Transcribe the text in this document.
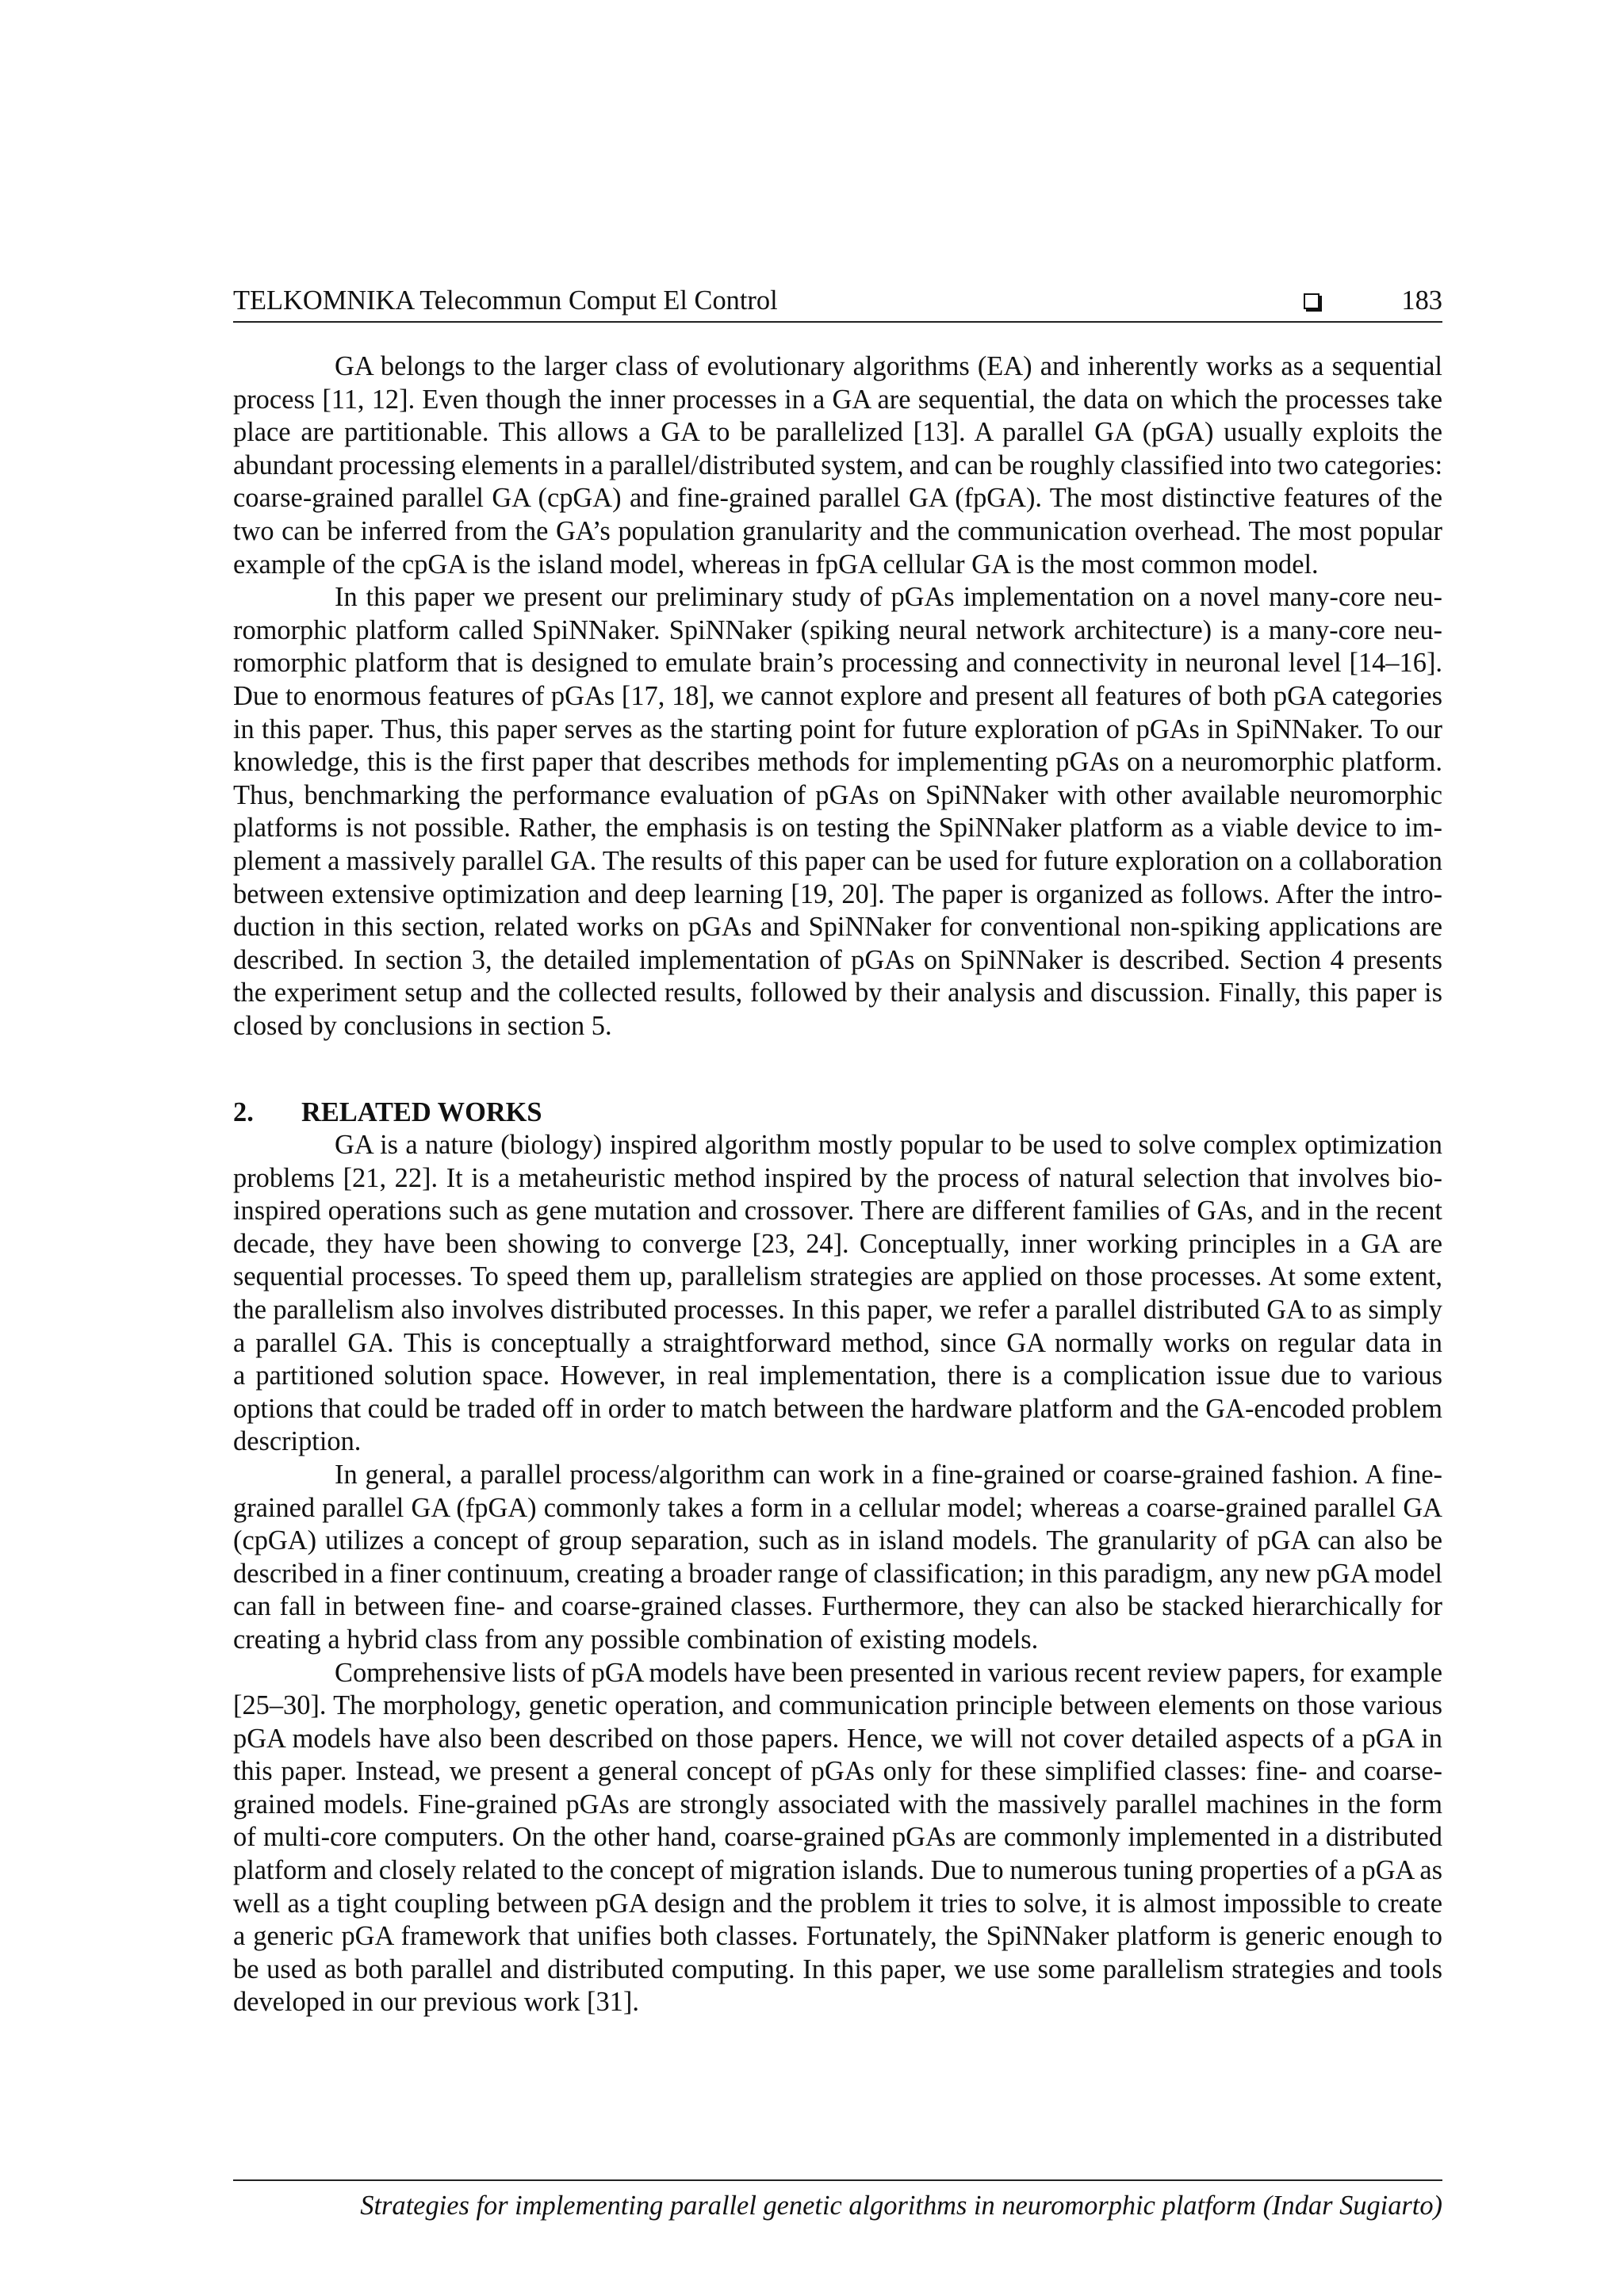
TELKOMNIKA Telecommun Comput El Control	183
GA belongs to the larger class of evolutionary algorithms (EA) and inherently works as a sequential
process [11, 12]. Even though the inner processes in a GA are sequential, the data on which the processes take
place are partitionable. This allows a GA to be parallelized [13]. A parallel GA (pGA) usually exploits the
abundant processing elements in a parallel/distributed system, and can be roughly classified into two categories:
coarse-grained parallel GA (cpGA) and fine-grained parallel GA (fpGA). The most distinctive features of the
two can be inferred from the GA’s population granularity and the communication overhead. The most popular
example of the cpGA is the island model, whereas in fpGA cellular GA is the most common model.
In this paper we present our preliminary study of pGAs implementation on a novel many-core neu-
romorphic platform called SpiNNaker. SpiNNaker (spiking neural network architecture) is a many-core neu-
romorphic platform that is designed to emulate brain’s processing and connectivity in neuronal level [14–16].
Due to enormous features of pGAs [17, 18], we cannot explore and present all features of both pGA categories
in this paper. Thus, this paper serves as the starting point for future exploration of pGAs in SpiNNaker. To our
knowledge, this is the first paper that describes methods for implementing pGAs on a neuromorphic platform.
Thus, benchmarking the performance evaluation of pGAs on SpiNNaker with other available neuromorphic
platforms is not possible. Rather, the emphasis is on testing the SpiNNaker platform as a viable device to im-
plement a massively parallel GA. The results of this paper can be used for future exploration on a collaboration
between extensive optimization and deep learning [19, 20]. The paper is organized as follows. After the intro-
duction in this section, related works on pGAs and SpiNNaker for conventional non-spiking applications are
described. In section 3, the detailed implementation of pGAs on SpiNNaker is described. Section 4 presents
the experiment setup and the collected results, followed by their analysis and discussion. Finally, this paper is
closed by conclusions in section 5.
2. RELATED WORKS
GA is a nature (biology) inspired algorithm mostly popular to be used to solve complex optimization
problems [21, 22]. It is a metaheuristic method inspired by the process of natural selection that involves bio-
inspired operations such as gene mutation and crossover. There are different families of GAs, and in the recent
decade, they have been showing to converge [23, 24]. Conceptually, inner working principles in a GA are
sequential processes. To speed them up, parallelism strategies are applied on those processes. At some extent,
the parallelism also involves distributed processes. In this paper, we refer a parallel distributed GA to as simply
a parallel GA. This is conceptually a straightforward method, since GA normally works on regular data in
a partitioned solution space. However, in real implementation, there is a complication issue due to various
options that could be traded off in order to match between the hardware platform and the GA-encoded problem
description.
In general, a parallel process/algorithm can work in a fine-grained or coarse-grained fashion. A fine-
grained parallel GA (fpGA) commonly takes a form in a cellular model; whereas a coarse-grained parallel GA
(cpGA) utilizes a concept of group separation, such as in island models. The granularity of pGA can also be
described in a finer continuum, creating a broader range of classification; in this paradigm, any new pGA model
can fall in between fine- and coarse-grained classes. Furthermore, they can also be stacked hierarchically for
creating a hybrid class from any possible combination of existing models.
Comprehensive lists of pGA models have been presented in various recent review papers, for example
[25–30]. The morphology, genetic operation, and communication principle between elements on those various
pGA models have also been described on those papers. Hence, we will not cover detailed aspects of a pGA in
this paper. Instead, we present a general concept of pGAs only for these simplified classes: fine- and coarse-
grained models. Fine-grained pGAs are strongly associated with the massively parallel machines in the form
of multi-core computers. On the other hand, coarse-grained pGAs are commonly implemented in a distributed
platform and closely related to the concept of migration islands. Due to numerous tuning properties of a pGA as
well as a tight coupling between pGA design and the problem it tries to solve, it is almost impossible to create
a generic pGA framework that unifies both classes. Fortunately, the SpiNNaker platform is generic enough to
be used as both parallel and distributed computing. In this paper, we use some parallelism strategies and tools
developed in our previous work [31].
Strategies for implementing parallel genetic algorithms in neuromorphic platform (Indar Sugiarto)
